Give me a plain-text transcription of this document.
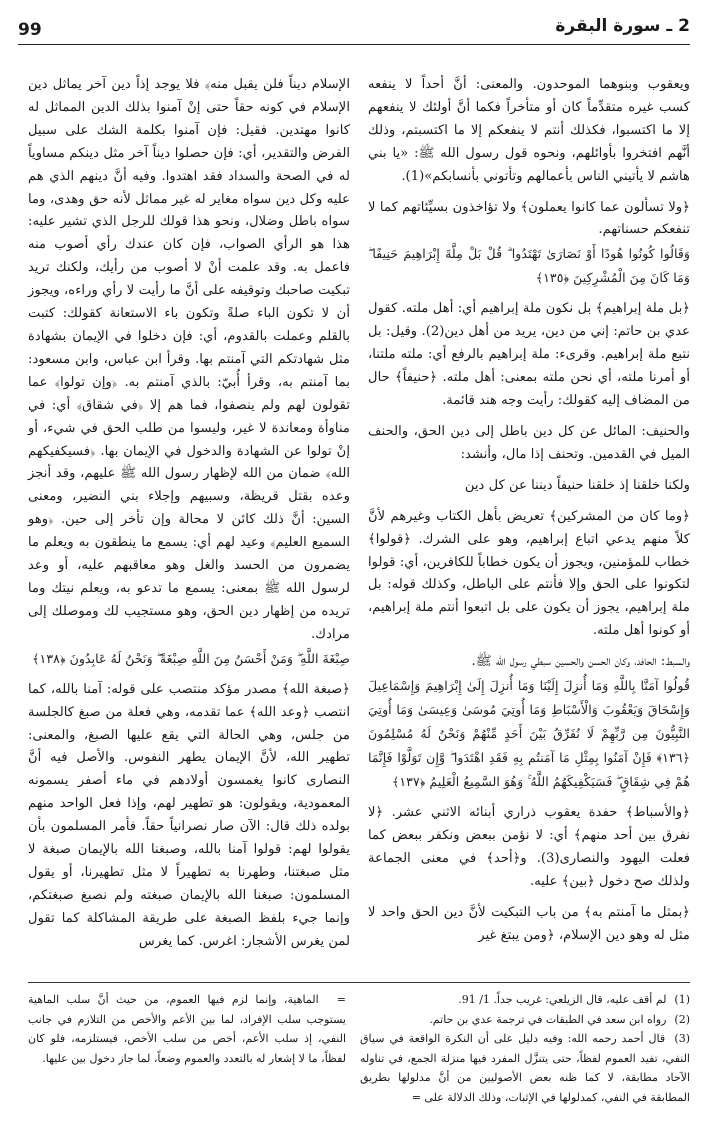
99	2 ـ سورة البقرة

ويعقوب وبنوهما الموحدون. والمعنى: أنَّ أحداً لا ينفعه كسب غيره متقدِّماً كان أو متأخراً فكما أنَّ أولئك لا ينفعهم إلا ما اكتسبوا، فكذلك أنتم لا ينفعكم إلا ما اكتسبتم، وذلك أنَّهم افتخروا بأوائلهم، ونحوه قول رسول الله ﷺ: «يا بني هاشم لا يأتيني الناس بأعمالهم وتأتوني بأنسابكم»(1).

﴿ولا تسألون عما كانوا يعملون﴾ ولا تؤاخذون بسيِّئاتهم كما لا تنفعكم حسناتهم.

وَقَالُوا كُونُوا هُودًا أَوْ نَصَارَىٰ تَهْتَدُوا ۗ قُلْ بَلْ مِلَّةَ إِبْرَاهِيمَ حَنِيفًا ۖ وَمَا كَانَ مِنَ الْمُشْرِكِينَ ﴿١٣٥﴾

﴿بل ملة إبراهيم﴾ بل نكون ملة إبراهيم أي: أهل ملته. كقول عدي بن حاتم: إني من دين، يريد من أهل دين(2). وقيل: بل نتبع ملة إبراهيم. وقرىء: ملة إبراهيم بالرفع أي: ملته ملتنا، أو أمرنا ملته، أي نحن ملته بمعنى: أهل ملته. ﴿حنيفاً﴾ حال من المضاف إليه كقولك: رأيت وجه هند قائمة.

والحنيف: المائل عن كل دين باطل إلى دين الحق، والحنف الميل في القدمين. وتحنف إذا مال، وأنشد:

ولكنا خلقنا إذ خلقنا حنيفاً ديننا عن كل دين

﴿وما كان من المشركين﴾ تعريض بأهل الكتاب وغيرهم لأنَّ كلاً منهم يدعي اتباع إبراهيم، وهو على الشرك. ﴿قولوا﴾ خطاب للمؤمنين، ويجوز أن يكون خطاباً للكافرين، أي: قولوا لتكونوا على الحق وإلا فأنتم على الباطل، وكذلك قوله: بل ملة إبراهيم، يجوز أن يكون على بل اتبعوا أنتم ملة إبراهيم، أو كونوا أهل ملته.

والسبط: الحافد، وكان الحسن والحسين سبطي رسول الله ﷺ.

قُولُوا آمَنَّا بِاللَّهِ وَمَا أُنزِلَ إِلَيْنَا وَمَا أُنزِلَ إِلَىٰ إِبْرَاهِيمَ وَإِسْمَاعِيلَ وَإِسْحَاقَ وَيَعْقُوبَ وَالْأَسْبَاطِ وَمَا أُوتِيَ مُوسَىٰ وَعِيسَىٰ وَمَا أُوتِيَ النَّبِيُّونَ مِن رَّبِّهِمْ لَا نُفَرِّقُ بَيْنَ أَحَدٍ مِّنْهُمْ وَنَحْنُ لَهُ مُسْلِمُونَ ﴿١٣٦﴾ فَإِنْ آمَنُوا بِمِثْلِ مَا آمَنتُم بِهِ فَقَدِ اهْتَدَوا ۖ وَّإِن تَوَلَّوْا فَإِنَّمَا هُمْ فِي شِقَاقٍ ۖ فَسَيَكْفِيكَهُمُ اللَّهُ ۚ وَهُوَ السَّمِيعُ الْعَلِيمُ ﴿١٣٧﴾

﴿والأسباط﴾ حفدة يعقوب ذراري أبنائه الاثني عشر. ﴿لا نفرق بين أحد منهم﴾ أي: لا نؤمن ببعض ونكفر ببعض كما فعلت اليهود والنصارى(3). و﴿أحد﴾ في معنى الجماعة ولذلك صح دخول ﴿بين﴾ عليه.

﴿بمثل ما آمنتم به﴾ من باب التبكيت لأنَّ دين الحق واحد لا مثل له وهو دين الإسلام، ﴿ومن يبتغ غير

الإسلام ديناً فلن يقبل منه﴾ فلا يوجد إذاً دين آخر يماثل دين الإسلام في كونه حقاً حتى إنْ آمنوا بذلك الدين المماثل له كانوا مهتدين. فقيل: فإن آمنوا بكلمة الشك على سبيل الفرض والتقدير، أي: فإن حصلوا ديناً آخر مثل دينكم مساوياً له في الصحة والسداد فقد اهتدوا. وفيه أنَّ دينهم الذي هم عليه وكل دين سواه مغاير له غير مماثل لأنه حق وهدى، وما سواه باطل وضلال، ونحو هذا قولك للرجل الذي تشير عليه: هذا هو الرأي الصواب، فإن كان عندك رأي أصوب منه فاعمل به. وقد علمت أنْ لا أصوب من رأيك، ولكنك تريد تبكيت صاحبك وتوقيفه على أنَّ ما رأيت لا رأي وراءه، ويجوز أن لا تكون الباء صلةً وتكون باء الاستعانة كقولك: كتبت بالقلم وعملت بالقدوم، أي: فإن دخلوا في الإيمان بشهادة مثل شهادتكم التي آمنتم بها. وقرأ ابن عباس، وابن مسعود: بما آمنتم به، وقرأ أُبيّ: بالذي آمنتم به. ﴿وإن تولوا﴾ عما تقولون لهم ولم ينصفوا، فما هم إلا ﴿في شقاق﴾ أي: في مناوأة ومعاندة لا غير، وليسوا من طلب الحق في شيء، أو إنْ تولوا عن الشهادة والدخول في الإيمان بها. ﴿فسيكفيكهم الله﴾ ضمان من الله لإظهار رسول الله ﷺ عليهم، وقد أنجز وعده بقتل قريظة، وسبيهم وإجلاء بني النضير، ومعنى السين: أنَّ ذلك كائن لا محالة وإن تأخر إلى حين. ﴿وهو السميع العليم﴾ وعيد لهم أي: يسمع ما ينطقون به ويعلم ما يضمرون من الحسد والغل وهو معاقبهم عليه، أو وعد لرسول الله ﷺ بمعنى: يسمع ما تدعو به، ويعلم نيتك وما تريده من إظهار دين الحق، وهو مستجيب لك وموصلك إلى مرادك.

صِبْغَةَ اللَّهِ ۖ وَمَنْ أَحْسَنُ مِنَ اللَّهِ صِبْغَةً ۖ وَنَحْنُ لَهُ عَابِدُونَ ﴿١٣٨﴾

﴿صبغة الله﴾ مصدر مؤكد منتصب على قوله: آمنا بالله، كما انتصب ﴿وعد الله﴾ عما تقدمه، وهي فعلة من صبغ كالجلسة من جلس، وهي الحالة التي يقع عليها الصبغ، والمعنى: تطهير الله، لأنَّ الإيمان يطهر النفوس. والأصل فيه أنَّ النصارى كانوا يغمسون أولادهم في ماء أصفر يسمونه المعمودية، ويقولون: هو تطهير لهم، وإذا فعل الواحد منهم بولده ذلك قال: الآن صار نصرانياً حقاً. فأمر المسلمون بأن يقولوا لهم: قولوا آمنا بالله، وصبغنا الله بالإيمان صبغة لا مثل صبغتنا، وطهرنا به تطهيراً لا مثل تطهيرنا، أو يقول المسلمون: صبغنا الله بالإيمان صبغته ولم نصبغ صبغتكم، وإنما جيء بلفظ الصبغة على طريقة المشاكلة كما تقول لمن يغرس الأشجار: اغرس. كما يغرس

(1) لم أقف عليه، قال الزيلعي: غريب جداً. 1/ 91.

(2) رواه ابن سعد في الطبقات في ترجمة عدي بن حاتم.

(3) قال أحمد رحمه الله: وفيه دليل على أن النكرة الواقعة في سياق النفي، تفيد العموم لفظاً، حتى يتنزَّل المفرد فيها منزلة الجمع، في تناوله الآحاد مطابقة، لا كما ظنه بعض الأصوليين من أنَّ مدلولها بطريق المطابقة في النفي، كمدلولها في الإثبات، وذلك الدلالة على =

= الماهية، وإنما لزم فيها العموم، من حيث أنَّ سلب الماهية يستوجب سلب الإفراد، لما بين الأعم والأخص من التلازم في جانب النفي، إذ سلب الأعم، أخص من سلب الأخص، فيستلزمه، فلو كان لفظاً، ما لا إشعار له بالتعدد والعموم وضعاً، لما جاز دخول بين عليها.
